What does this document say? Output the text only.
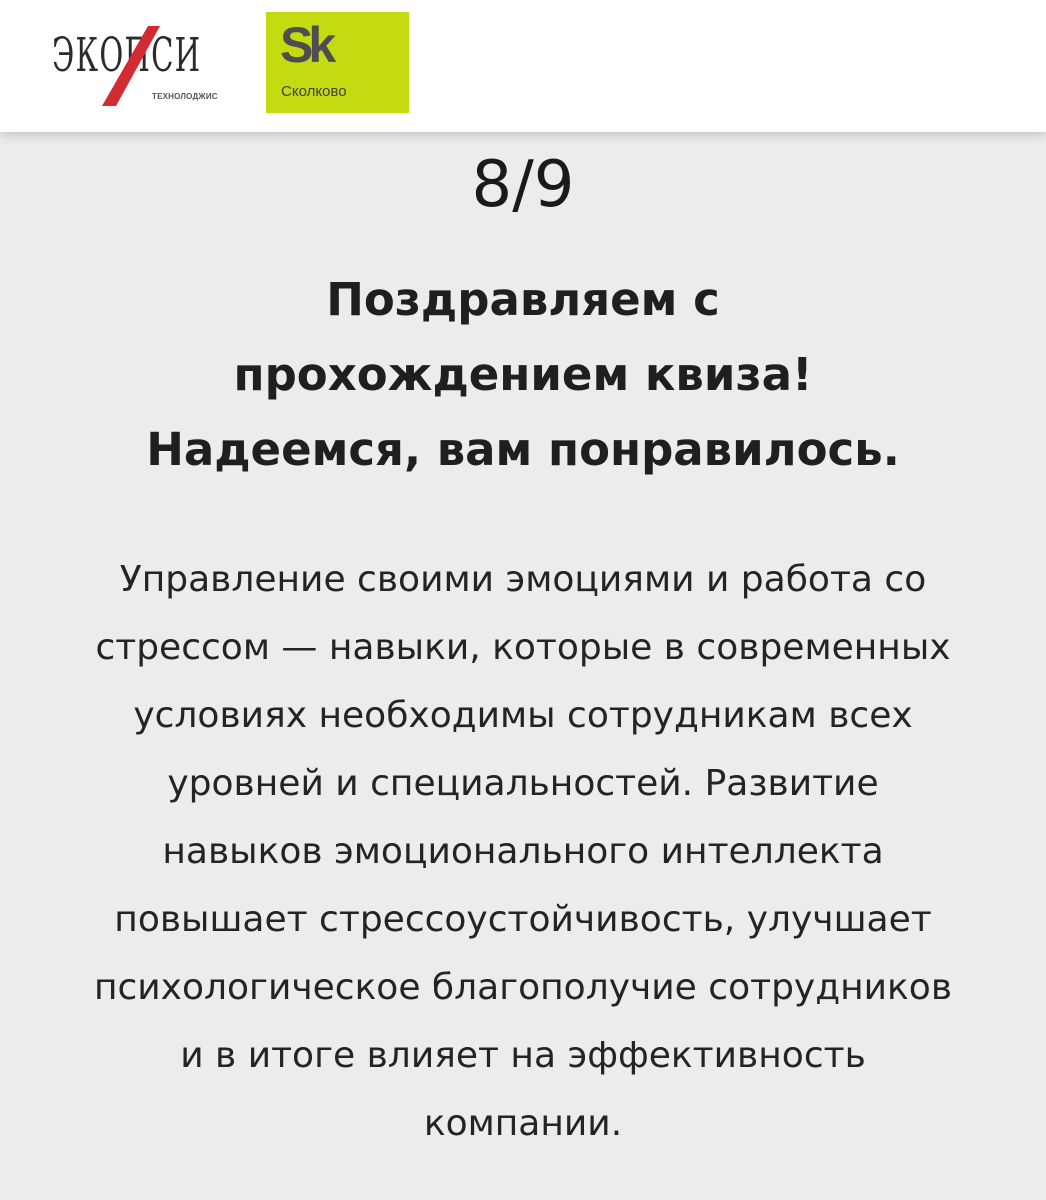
ЭКОПСИ
ТЕХНОЛОДЖИС
Sk
Сколково
8/9
Поздравляем с
прохождением квиза!
Надеемся, вам понравилось.
Управление своими эмоциями и работа со
стрессом — навыки, которые в современных
условиях необходимы сотрудникам всех
уровней и специальностей. Развитие
навыков эмоционального интеллекта
повышает стрессоустойчивость, улучшает
психологическое благополучие сотрудников
и в итоге влияет на эффективность
компании.
